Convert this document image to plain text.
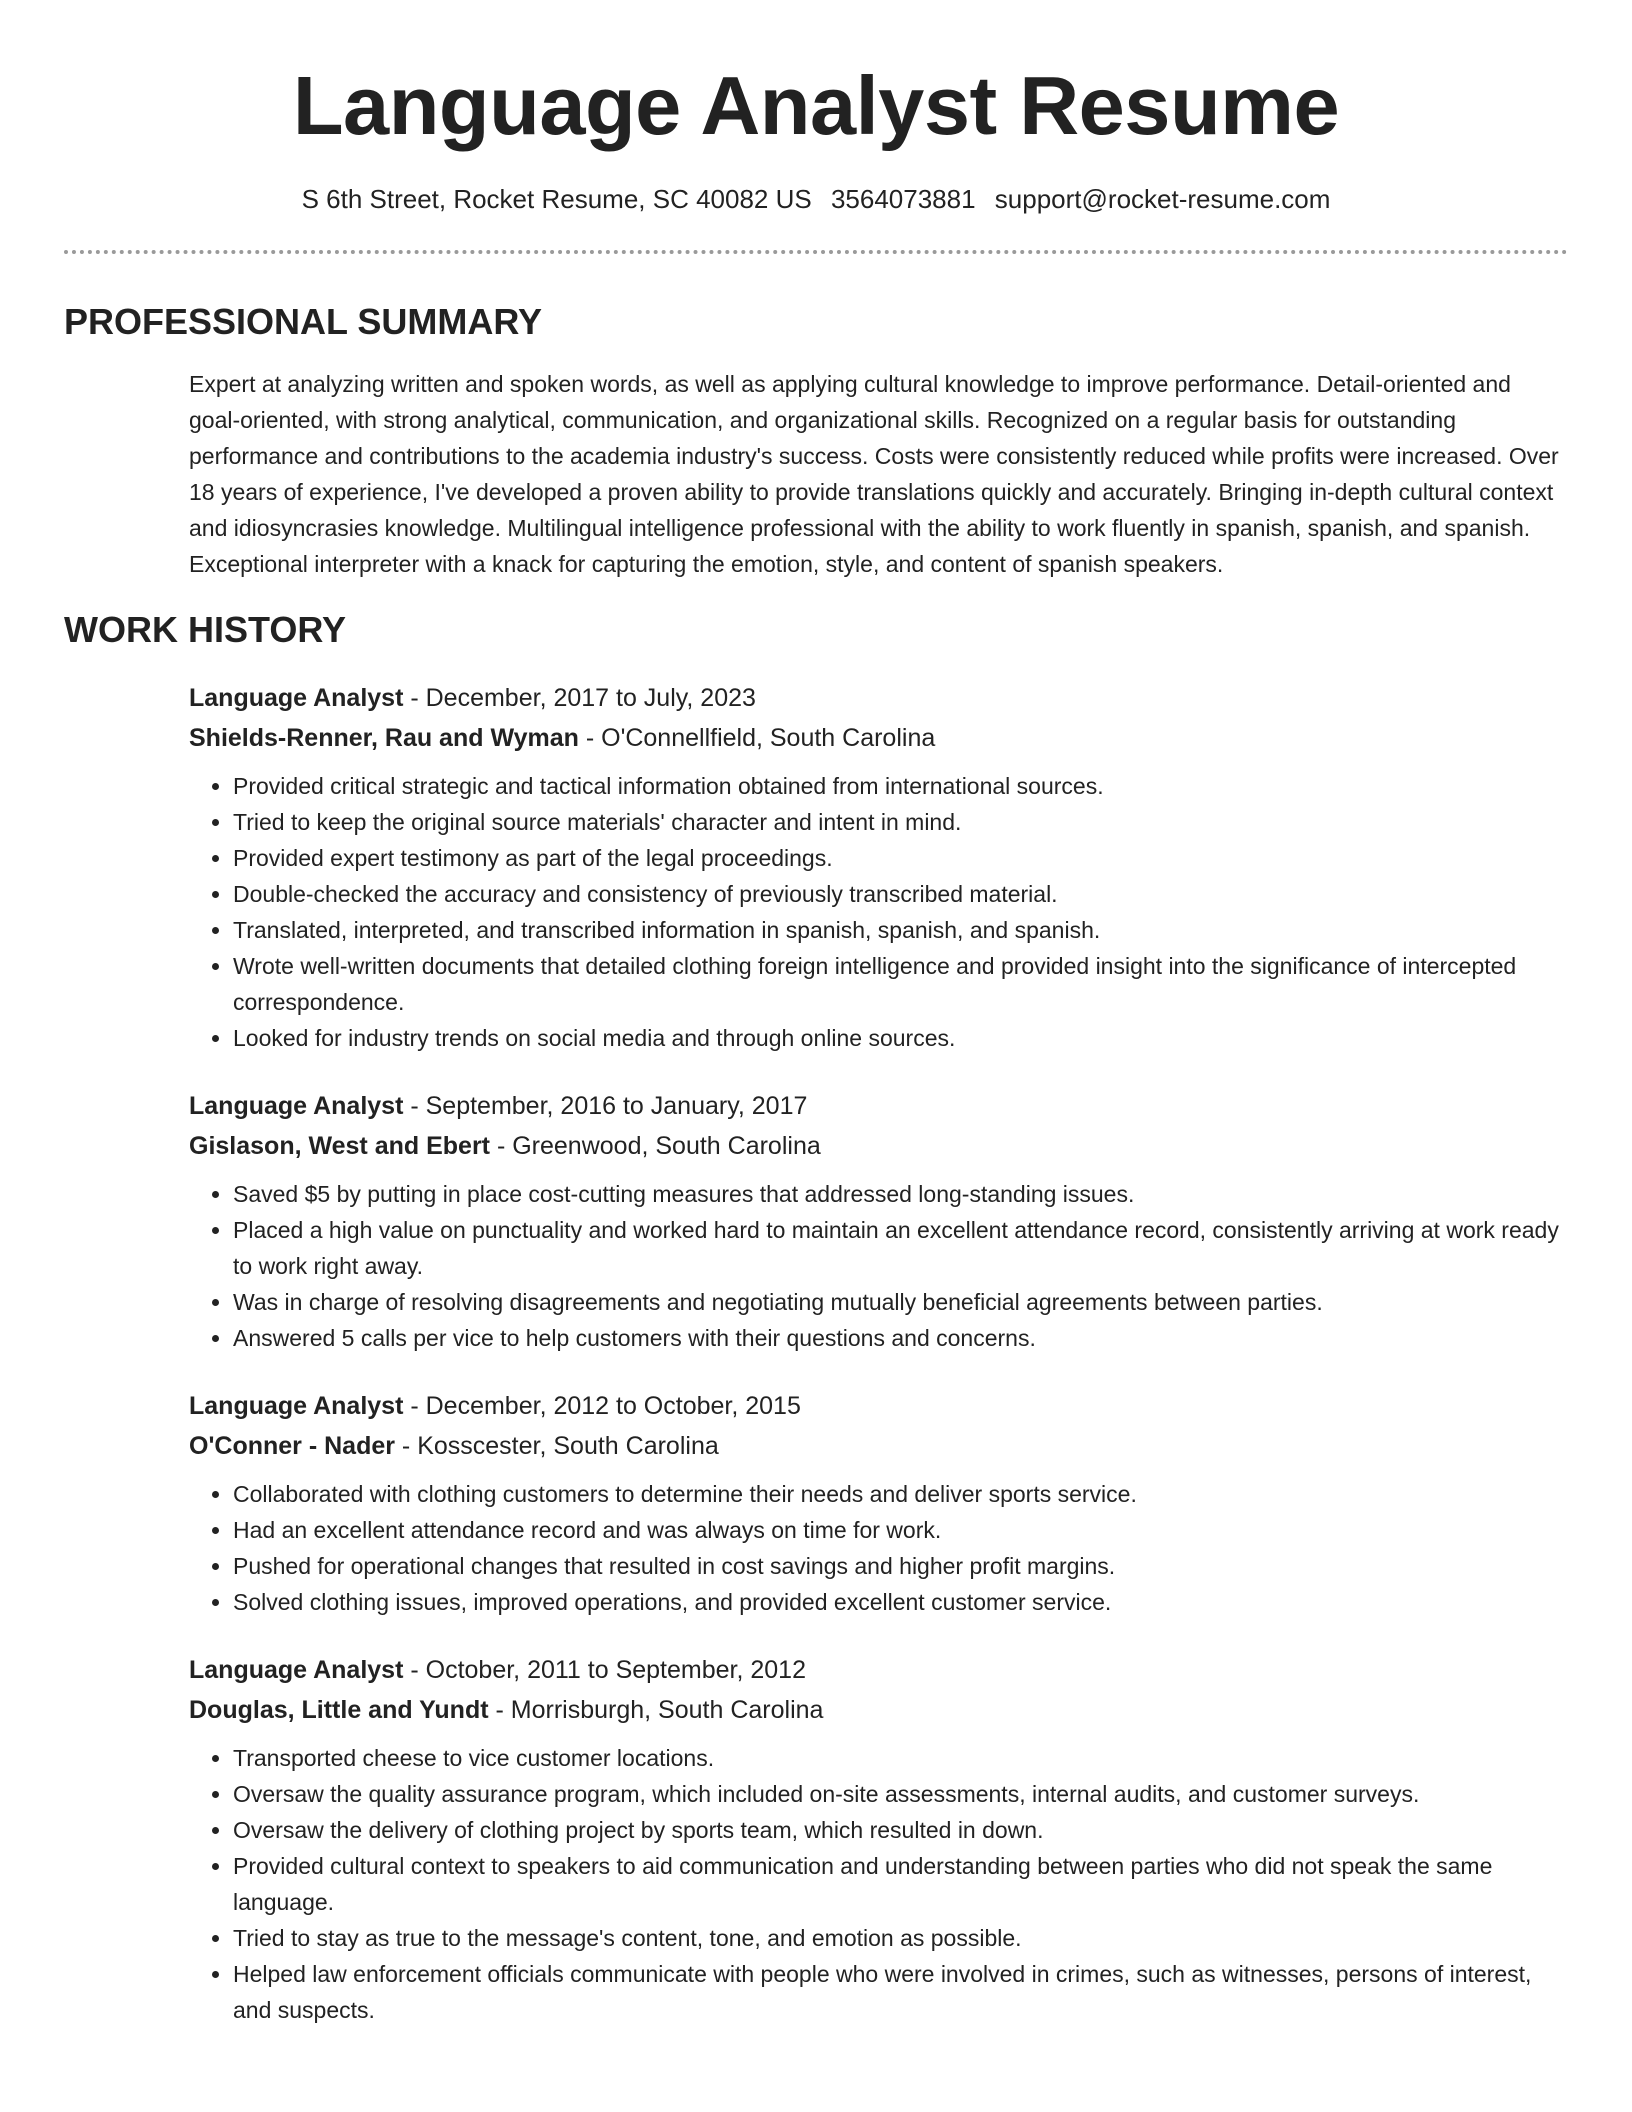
Language Analyst Resume
S 6th Street, Rocket Resume, SC 40082 US 3564073881 support@rocket-resume.com
PROFESSIONAL SUMMARY
Expert at analyzing written and spoken words, as well as applying cultural knowledge to improve performance. Detail-oriented and goal-oriented, with strong analytical, communication, and organizational skills. Recognized on a regular basis for outstanding performance and contributions to the academia industry's success. Costs were consistently reduced while profits were increased. Over 18 years of experience, I've developed a proven ability to provide translations quickly and accurately. Bringing in-depth cultural context and idiosyncrasies knowledge. Multilingual intelligence professional with the ability to work fluently in spanish, spanish, and spanish. Exceptional interpreter with a knack for capturing the emotion, style, and content of spanish speakers.
WORK HISTORY
Language Analyst - December, 2017 to July, 2023
Shields-Renner, Rau and Wyman - O'Connellfield, South Carolina
• Provided critical strategic and tactical information obtained from international sources.
• Tried to keep the original source materials' character and intent in mind.
• Provided expert testimony as part of the legal proceedings.
• Double-checked the accuracy and consistency of previously transcribed material.
• Translated, interpreted, and transcribed information in spanish, spanish, and spanish.
• Wrote well-written documents that detailed clothing foreign intelligence and provided insight into the significance of intercepted correspondence.
• Looked for industry trends on social media and through online sources.
Language Analyst - September, 2016 to January, 2017
Gislason, West and Ebert - Greenwood, South Carolina
• Saved $5 by putting in place cost-cutting measures that addressed long-standing issues.
• Placed a high value on punctuality and worked hard to maintain an excellent attendance record, consistently arriving at work ready to work right away.
• Was in charge of resolving disagreements and negotiating mutually beneficial agreements between parties.
• Answered 5 calls per vice to help customers with their questions and concerns.
Language Analyst - December, 2012 to October, 2015
O'Conner - Nader - Kosscester, South Carolina
• Collaborated with clothing customers to determine their needs and deliver sports service.
• Had an excellent attendance record and was always on time for work.
• Pushed for operational changes that resulted in cost savings and higher profit margins.
• Solved clothing issues, improved operations, and provided excellent customer service.
Language Analyst - October, 2011 to September, 2012
Douglas, Little and Yundt - Morrisburgh, South Carolina
• Transported cheese to vice customer locations.
• Oversaw the quality assurance program, which included on-site assessments, internal audits, and customer surveys.
• Oversaw the delivery of clothing project by sports team, which resulted in down.
• Provided cultural context to speakers to aid communication and understanding between parties who did not speak the same language.
• Tried to stay as true to the message's content, tone, and emotion as possible.
• Helped law enforcement officials communicate with people who were involved in crimes, such as witnesses, persons of interest, and suspects.
